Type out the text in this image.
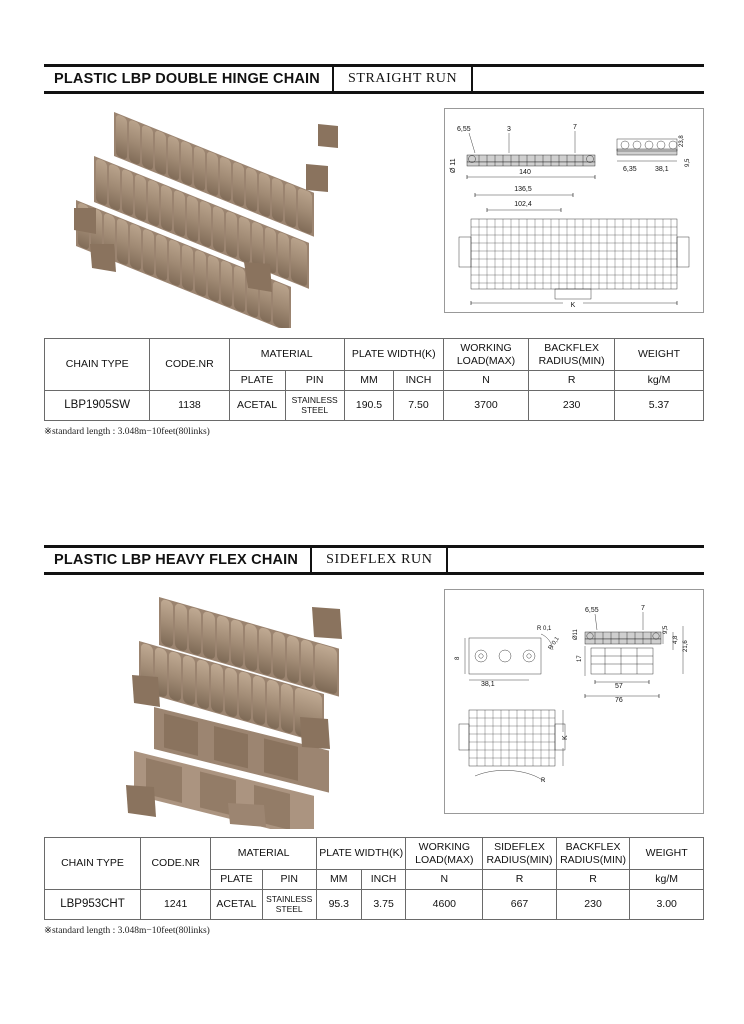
PLASTIC LBP DOUBLE HINGE CHAIN	STRAIGHT RUN
140
6,55	3	7
Ø 11
23,8
6,35	38,1
9,5
136,5
102,4
K
CHAIN TYPE	CODE.NR	MATERIAL		PLATE WIDTH(K)		WORKING LOAD(MAX)	BACKFLEX RADIUS(MIN)	WEIGHT
		PLATE	PIN	MM	INCH	N	R	kg/M
LBP1905SW	1138	ACETAL	STAINLESS STEEL	190.5	7.50	3700	230	5.37
※standard length : 3.048m−10feet(80links)
PLASTIC LBP HEAVY FLEX CHAIN	SIDEFLEX RUN
R 0,1
R 0,1
8
38,1
K
R
6,55	7
Ø11
17
9,5
4,8
21,6
57
76
CHAIN TYPE	CODE.NR	MATERIAL		PLATE WIDTH(K)		WORKING LOAD(MAX)	SIDEFLEX RADIUS(MIN)	BACKFLEX RADIUS(MIN)	WEIGHT
		PLATE	PIN	MM	INCH	N	R	R	kg/M
LBP953CHT	1241	ACETAL	STAINLESS STEEL	95.3	3.75	4600	667	230	3.00
※standard length : 3.048m−10feet(80links)
